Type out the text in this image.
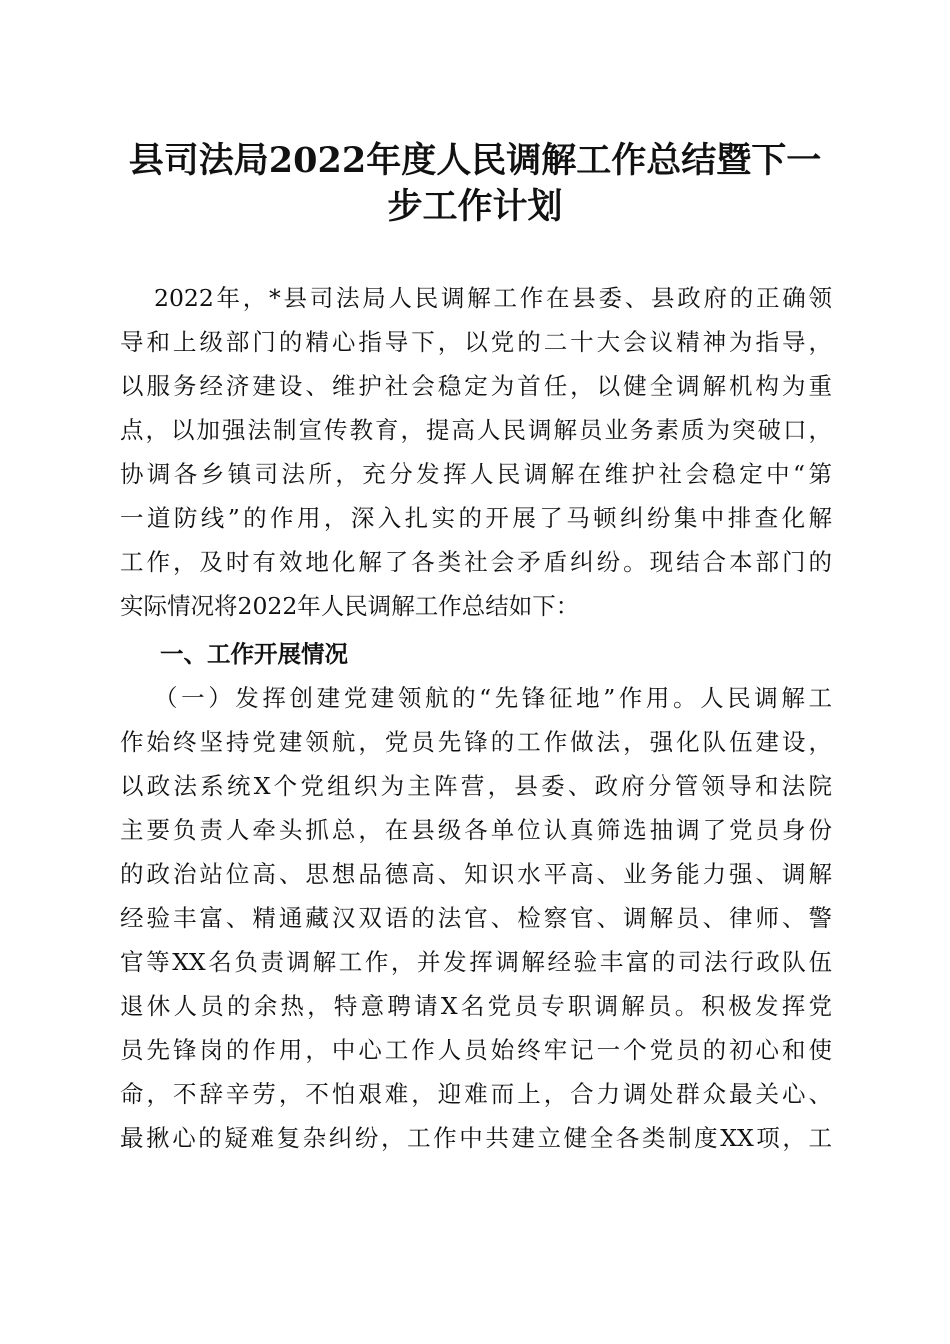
县司法局2022年度人民调解工作总结暨下一
步工作计划
2022年，*县司法局人民调解工作在县委、县政府的正确领
导和上级部门的精心指导下，以党的二十大会议精神为指导，
以服务经济建设、维护社会稳定为首任，以健全调解机构为重
点，以加强法制宣传教育，提高人民调解员业务素质为突破口，
协调各乡镇司法所，充分发挥人民调解在维护社会稳定中“第
一道防线”的作用，深入扎实的开展了马顿纠纷集中排查化解
工作，及时有效地化解了各类社会矛盾纠纷。现结合本部门的
实际情况将2022年人民调解工作总结如下：
一、工作开展情况
（一）发挥创建党建领航的“先锋征地”作用。人民调解工
作始终坚持党建领航，党员先锋的工作做法，强化队伍建设，
以政法系统X个党组织为主阵营，县委、政府分管领导和法院
主要负责人牵头抓总，在县级各单位认真筛选抽调了党员身份
的政治站位高、思想品德高、知识水平高、业务能力强、调解
经验丰富、精通藏汉双语的法官、检察官、调解员、律师、警
官等XX名负责调解工作，并发挥调解经验丰富的司法行政队伍
退休人员的余热，特意聘请X名党员专职调解员。积极发挥党
员先锋岗的作用，中心工作人员始终牢记一个党员的初心和使
命，不辞辛劳，不怕艰难，迎难而上，合力调处群众最关心、
最揪心的疑难复杂纠纷，工作中共建立健全各类制度XX项，工
